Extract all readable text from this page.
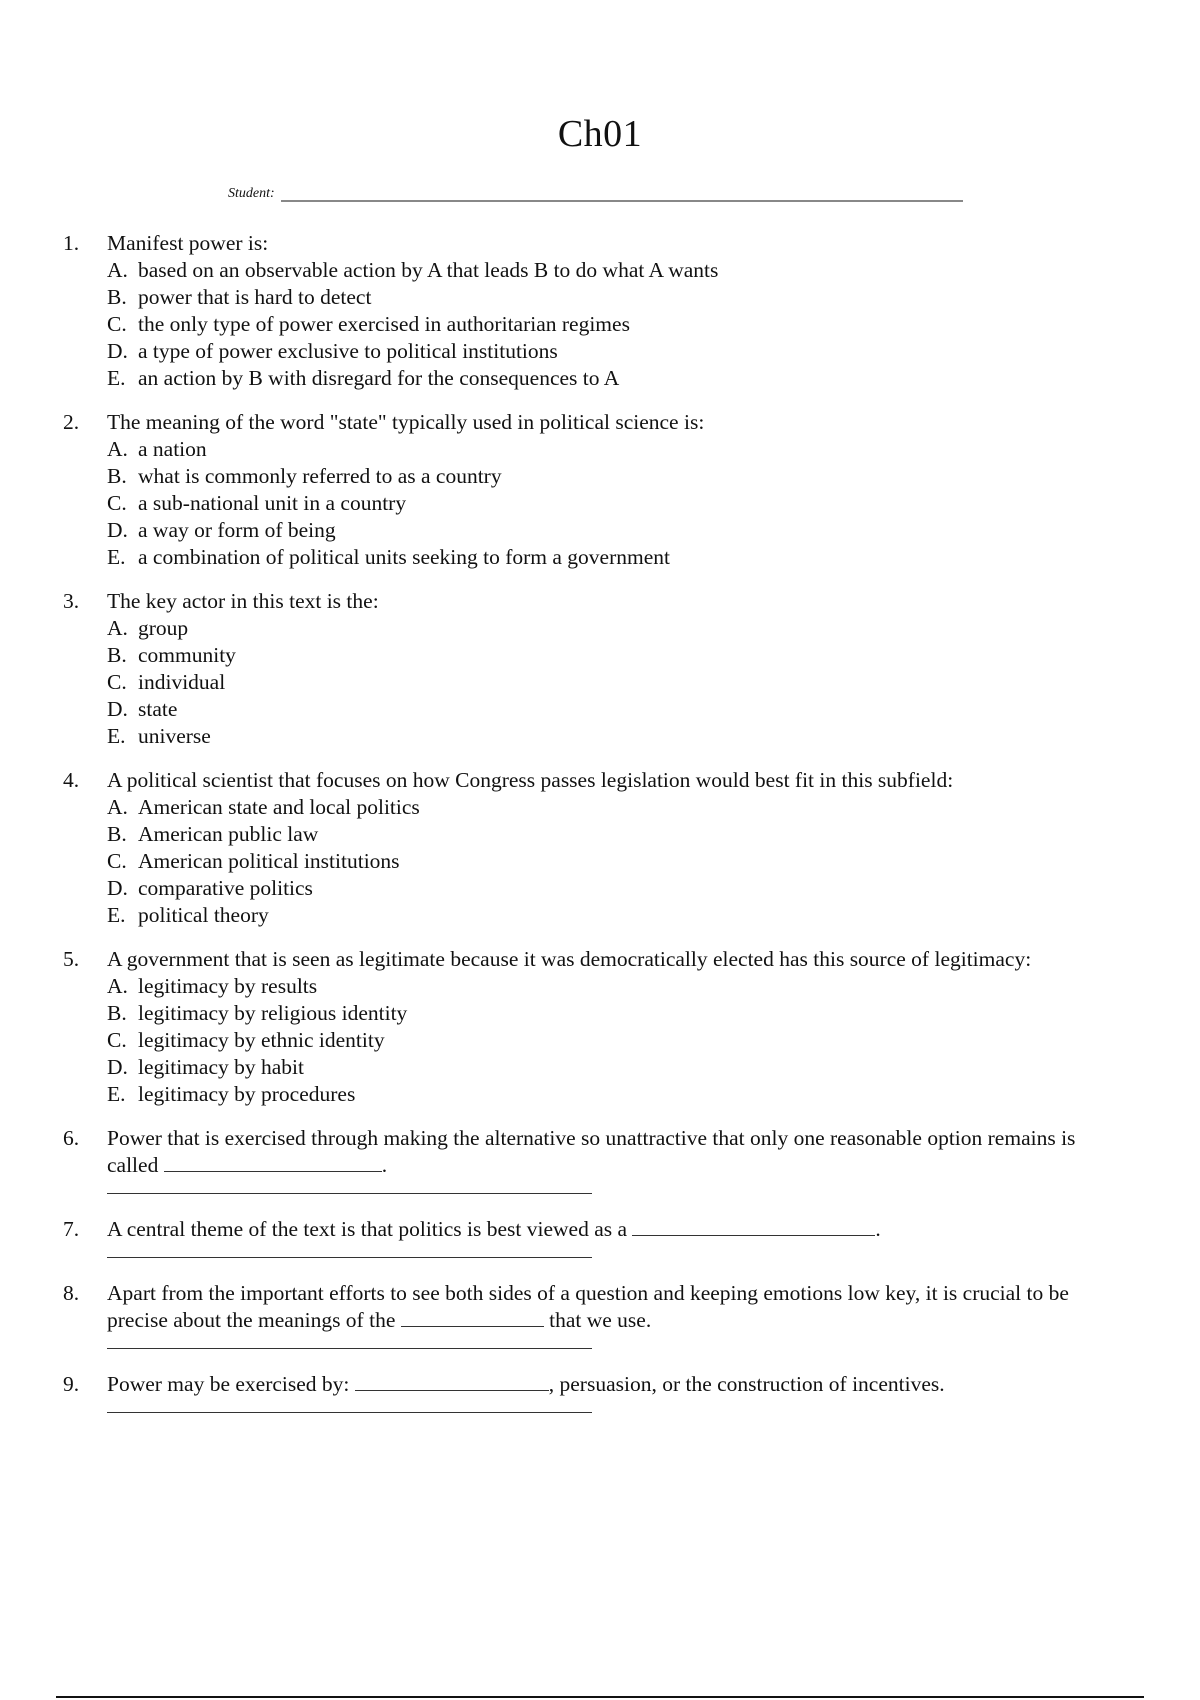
Ch01
Student:
1.	Manifest power is:
A. based on an observable action by A that leads B to do what A wants
B. power that is hard to detect
C. the only type of power exercised in authoritarian regimes
D. a type of power exclusive to political institutions
E. an action by B with disregard for the consequences to A
2.	The meaning of the word "state" typically used in political science is:
A. a nation
B. what is commonly referred to as a country
C. a sub-national unit in a country
D. a way or form of being
E. a combination of political units seeking to form a government
3.	The key actor in this text is the:
A. group
B. community
C. individual
D. state
E. universe
4.	A political scientist that focuses on how Congress passes legislation would best fit in this subfield:
A. American state and local politics
B. American public law
C. American political institutions
D. comparative politics
E. political theory
5.	A government that is seen as legitimate because it was democratically elected has this source of legitimacy:
A. legitimacy by results
B. legitimacy by religious identity
C. legitimacy by ethnic identity
D. legitimacy by habit
E. legitimacy by procedures
6.	Power that is exercised through making the alternative so unattractive that only one reasonable option remains is called	.
7.	A central theme of the text is that politics is best viewed as a	.
8.	Apart from the important efforts to see both sides of a question and keeping emotions low key, it is crucial to be precise about the meanings of the	that we use.
9.	Power may be exercised by:	, persuasion, or the construction of incentives.
